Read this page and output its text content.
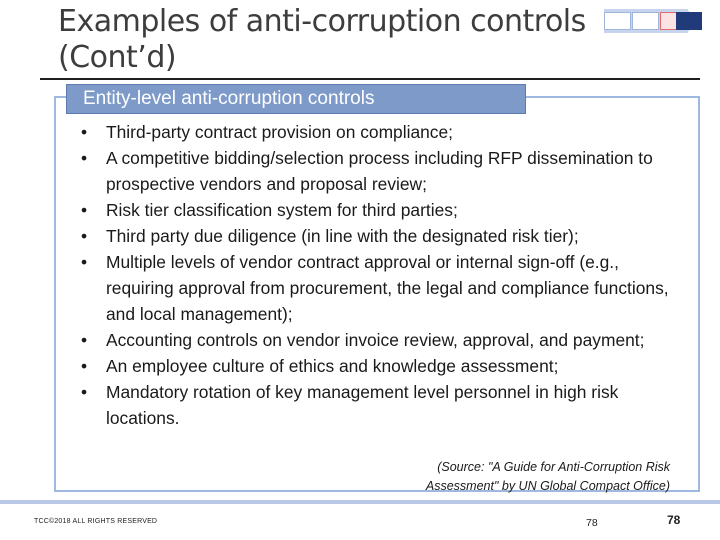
Examples of anti-corruption controls
(Cont’d)
Entity-level anti-corruption controls
• Third-party contract provision on compliance;
• A competitive bidding/selection process including RFP dissemination to prospective vendors and proposal review;
• Risk tier classification system for third parties;
• Third party due diligence (in line with the designated risk tier);
• Multiple levels of vendor contract approval or internal sign-off (e.g., requiring approval from procurement, the legal and compliance functions, and local management);
• Accounting controls on vendor invoice review, approval, and payment;
• An employee culture of ethics and knowledge assessment;
• Mandatory rotation of key management level personnel in high risk locations.
(Source: "A Guide for Anti-Corruption Risk
Assessment" by UN Global Compact Office)
TCC©2018 ALL RIGHTS RESERVED	78	78
